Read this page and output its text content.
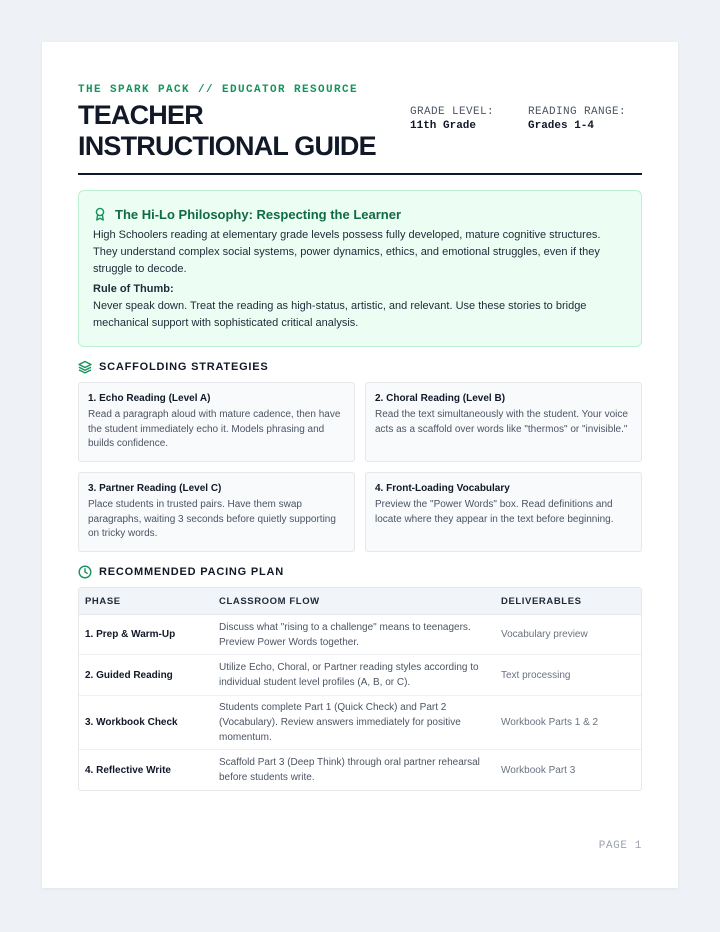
THE SPARK PACK // EDUCATOR RESOURCE
TEACHER INSTRUCTIONAL GUIDE
GRADE LEVEL:
11th Grade
READING RANGE:
Grades 1-4
The Hi-Lo Philosophy: Respecting the Learner

High Schoolers reading at elementary grade levels possess fully developed, mature cognitive structures. They understand complex social systems, power dynamics, ethics, and emotional struggles, even if they struggle to decode.

Rule of Thumb:

Never speak down. Treat the reading as high-status, artistic, and relevant. Use these stories to bridge mechanical support with sophisticated critical analysis.

SCAFFOLDING STRATEGIES
1. Echo Reading (Level A)
Read a paragraph aloud with mature cadence, then have the student immediately echo it. Models phrasing and builds confidence.
2. Choral Reading (Level B)
Read the text simultaneously with the student. Your voice acts as a scaffold over words like "thermos" or "invisible."
3. Partner Reading (Level C)
Place students in trusted pairs. Have them swap paragraphs, waiting 3 seconds before quietly supporting on tricky words.
4. Front-Loading Vocabulary
Preview the "Power Words" box. Read definitions and locate where they appear in the text before beginning.
RECOMMENDED PACING PLAN
PHASE	CLASSROOM FLOW	DELIVERABLES
1. Prep & Warm-Up
Discuss what "rising to a challenge" means to teenagers. Preview Power Words together.
Vocabulary preview
2. Guided Reading
Utilize Echo, Choral, or Partner reading styles according to individual student level profiles (A, B, or C).
Text processing
3. Workbook Check
Students complete Part 1 (Quick Check) and Part 2 (Vocabulary). Review answers immediately for positive momentum.
Workbook Parts 1 & 2
4. Reflective Write
Scaffold Part 3 (Deep Think) through oral partner rehearsal before students write.
Workbook Part 3
PAGE 1
